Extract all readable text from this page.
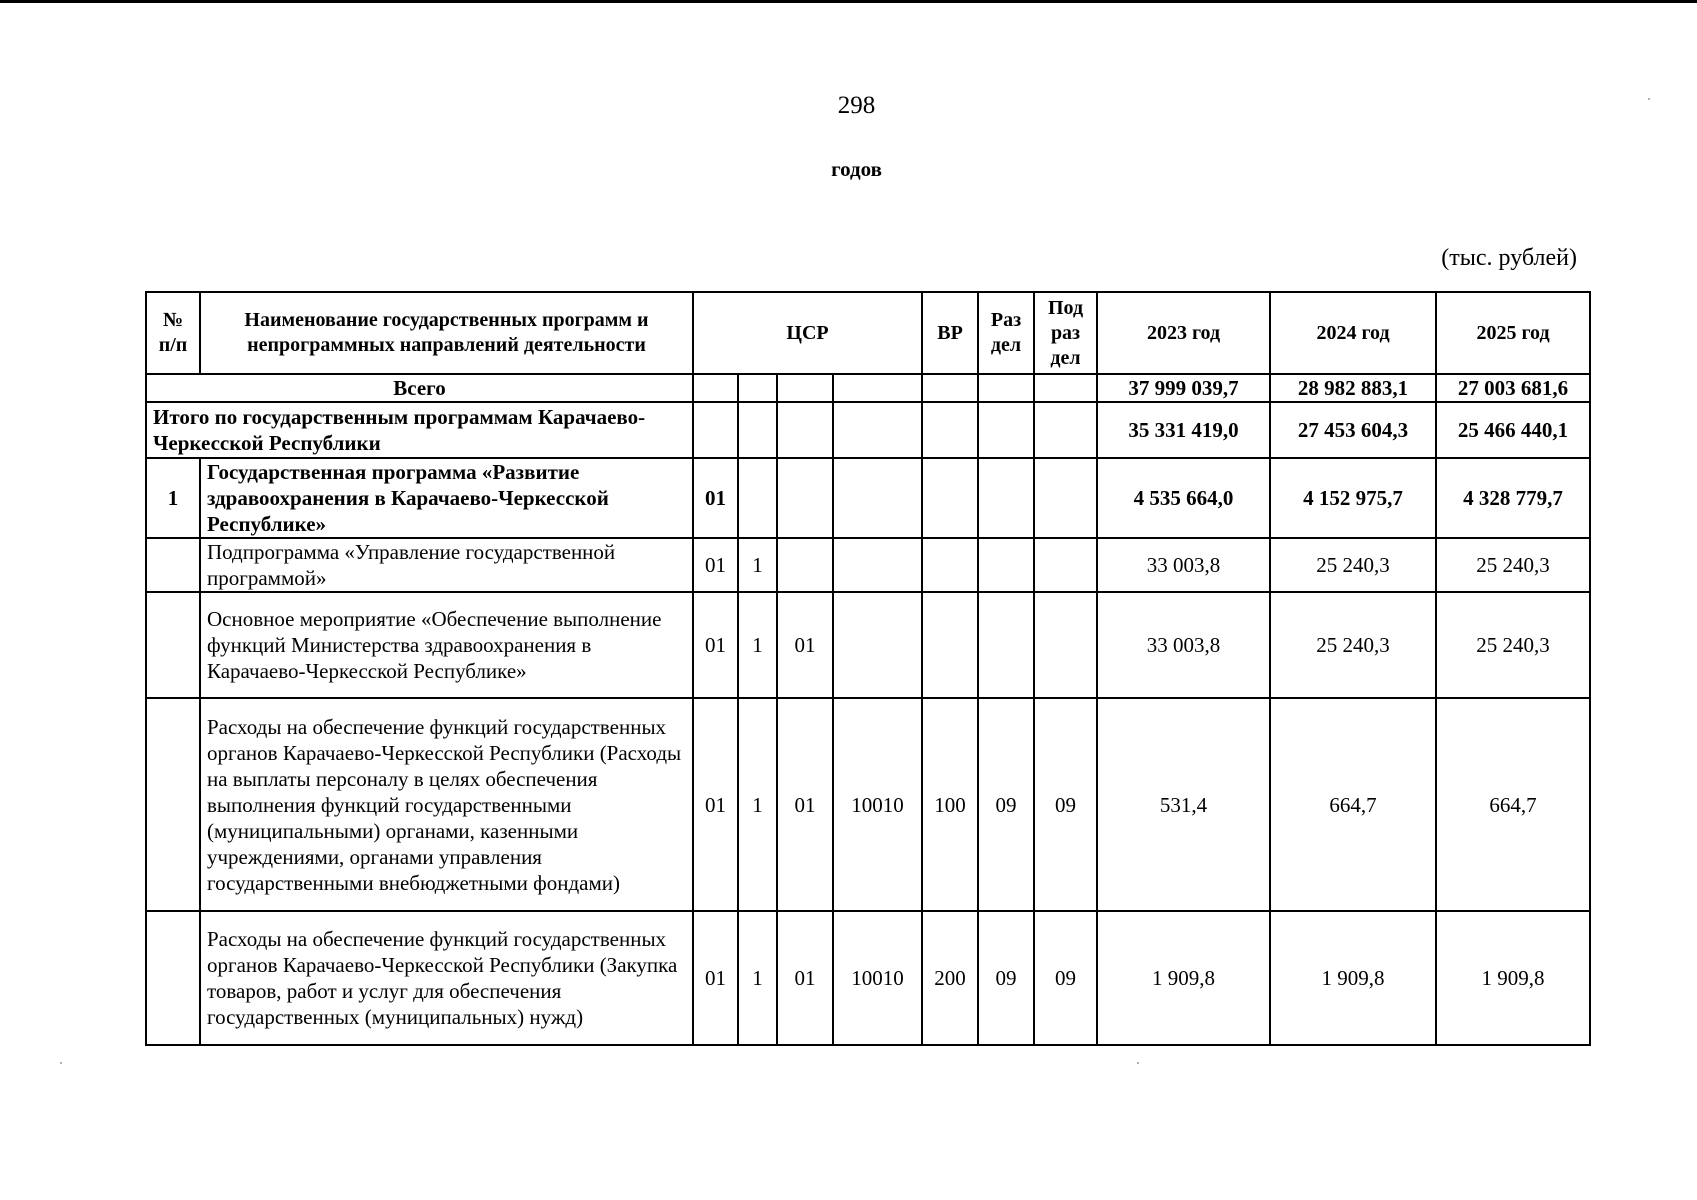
298
годов
(тыс. рублей)
№ п/п	Наименование государственных программ и непрограммных направлений деятельности	ЦСР				ВР	Раз дел	Под раз дел	2023 год	2024 год	2025 год
Всего									37 999 039,7	28 982 883,1	27 003 681,6
Итого по государственным программам Карачаево-Черкесской Республики									35 331 419,0	27 453 604,3	25 466 440,1
1	Государственная программа «Развитие здравоохранения в Карачаево-Черкесской Республике»	01							4 535 664,0	4 152 975,7	4 328 779,7
	Подпрограмма «Управление государственной программой»	01	1						33 003,8	25 240,3	25 240,3
	Основное мероприятие «Обеспечение выполнение функций Министерства здравоохранения в Карачаево-Черкесской Республике»	01	1	01					33 003,8	25 240,3	25 240,3
	Расходы на обеспечение функций государственных органов Карачаево-Черкесской Республики (Расходы на выплаты персоналу в целях обеспечения выполнения функций государственными (муниципальными) органами, казенными учреждениями, органами управления государственными внебюджетными фондами)	01	1	01	10010	100	09	09	531,4	664,7	664,7
	Расходы на обеспечение функций государственных органов Карачаево-Черкесской Республики (Закупка товаров, работ и услуг для обеспечения государственных (муниципальных) нужд)	01	1	01	10010	200	09	09	1 909,8	1 909,8	1 909,8
